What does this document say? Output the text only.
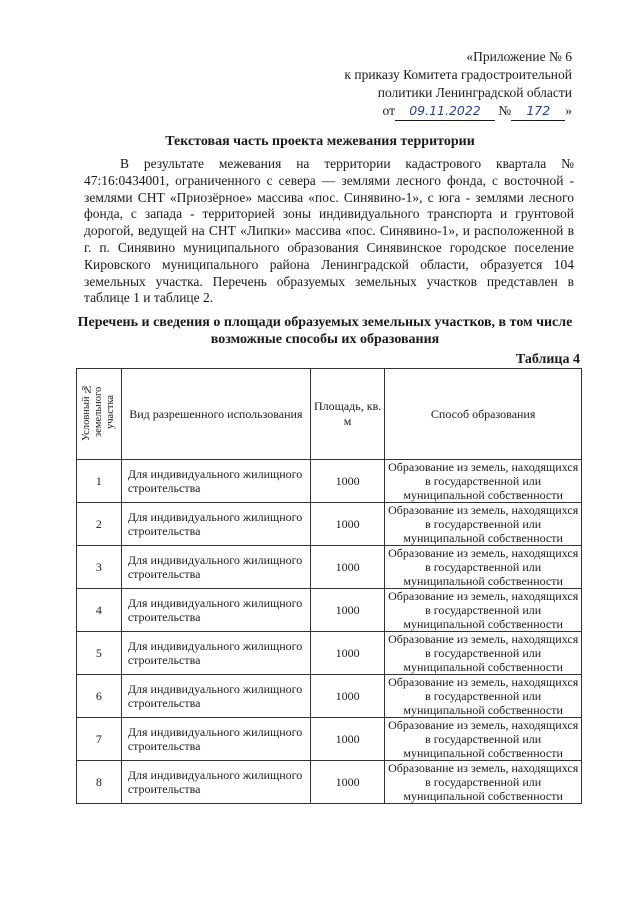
«Приложение № 6
к приказу Комитета градостроительной
политики Ленинградской области
от 09.11.2022 № 172 »
Текстовая часть проекта межевания территории
В результате межевания на территории кадастрового квартала № 47:16:0434001, ограниченного с севера — землями лесного фонда, с восточной - землями СНТ «Приозёрное» массива «пос. Синявино-1», с юга - землями лесного фонда, с запада - территорией зоны индивидуального транспорта и грунтовой дорогой, ведущей на СНТ «Липки» массива «пос. Синявино-1», и расположенной в г. п. Синявино муниципального образования Синявинское городское поселение Кировского муниципального района Ленинградской области, образуется 104 земельных участка. Перечень образуемых земельных участков представлен в таблице 1 и таблице 2.
Перечень и сведения о площади образуемых земельных участков, в том числе возможные способы их образования
Таблица 4
Условный № земельного участка	Вид разрешенного использования	Площадь, кв. м	Способ образования
1	Для индивидуального жилищного строительства	1000	Образование из земель, находящихся в государственной или муниципальной собственности
2	Для индивидуального жилищного строительства	1000	Образование из земель, находящихся в государственной или муниципальной собственности
3	Для индивидуального жилищного строительства	1000	Образование из земель, находящихся в государственной или муниципальной собственности
4	Для индивидуального жилищного строительства	1000	Образование из земель, находящихся в государственной или муниципальной собственности
5	Для индивидуального жилищного строительства	1000	Образование из земель, находящихся в государственной или муниципальной собственности
6	Для индивидуального жилищного строительства	1000	Образование из земель, находящихся в государственной или муниципальной собственности
7	Для индивидуального жилищного строительства	1000	Образование из земель, находящихся в государственной или муниципальной собственности
8	Для индивидуального жилищного строительства	1000	Образование из земель, находящихся в государственной или муниципальной собственности
